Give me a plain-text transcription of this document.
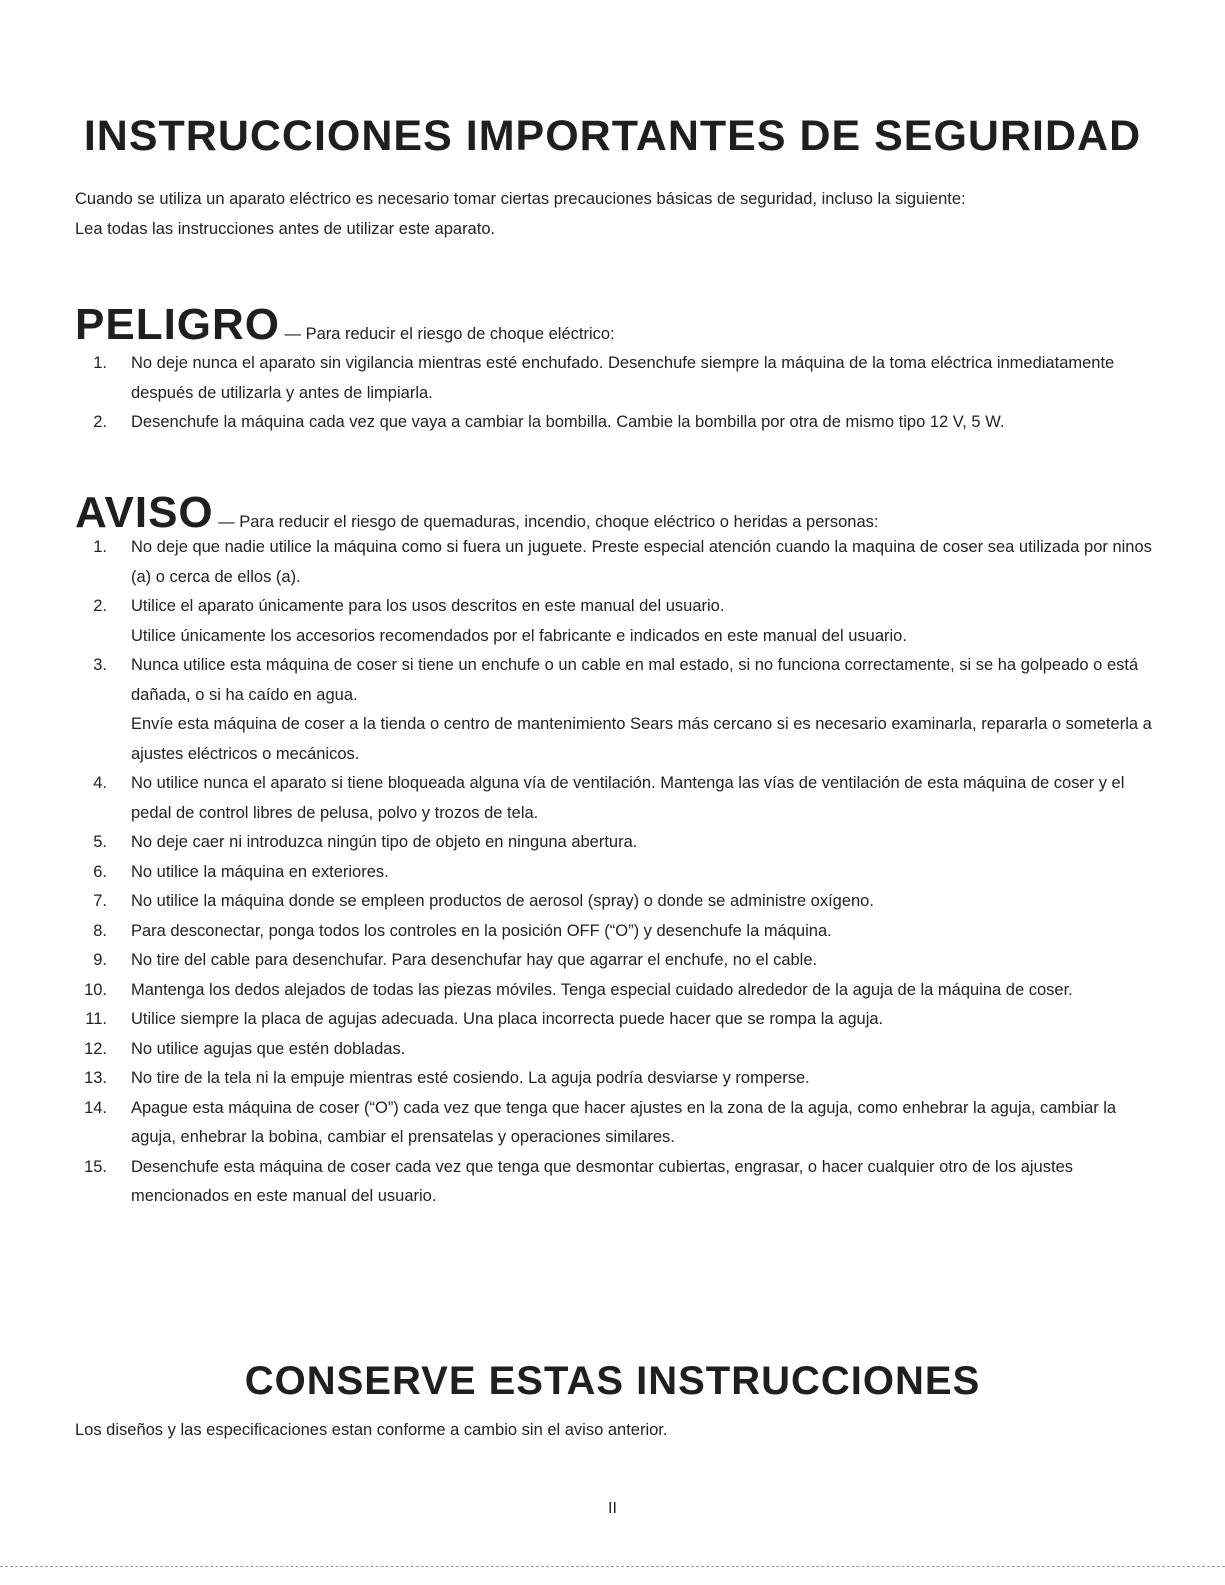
INSTRUCCIONES IMPORTANTES DE SEGURIDAD
Cuando se utiliza un aparato eléctrico es necesario tomar ciertas precauciones básicas de seguridad, incluso la siguiente:
Lea todas las instrucciones antes de utilizar este aparato.
PELIGRO — Para reducir el riesgo de choque eléctrico:
1. No deje nunca el aparato sin vigilancia mientras esté enchufado. Desenchufe siempre la máquina de la toma eléctrica inmediatamente después de utilizarla y antes de limpiarla.
2. Desenchufe la máquina cada vez que vaya a cambiar la bombilla. Cambie la bombilla por otra de mismo tipo 12 V, 5 W.
AVISO — Para reducir el riesgo de quemaduras, incendio, choque eléctrico o heridas a personas:
1. No deje que nadie utilice la máquina como si fuera un juguete. Preste especial atención cuando la maquina de coser sea utilizada por ninos (a) o cerca de ellos (a).
2. Utilice el aparato únicamente para los usos descritos en este manual del usuario.
Utilice únicamente los accesorios recomendados por el fabricante e indicados en este manual del usuario.
3. Nunca utilice esta máquina de coser si tiene un enchufe o un cable en mal estado, si no funciona correctamente, si se ha golpeado o está dañada, o si ha caído en agua.
Envíe esta máquina de coser a la tienda o centro de mantenimiento Sears más cercano si es necesario examinarla, repararla o someterla a ajustes eléctricos o mecánicos.
4. No utilice nunca el aparato si tiene bloqueada alguna vía de ventilación. Mantenga las vías de ventilación de esta máquina de coser y el pedal de control libres de pelusa, polvo y trozos de tela.
5. No deje caer ni introduzca ningún tipo de objeto en ninguna abertura.
6. No utilice la máquina en exteriores.
7. No utilice la máquina donde se empleen productos de aerosol (spray) o donde se administre oxígeno.
8. Para desconectar, ponga todos los controles en la posición OFF (“O”) y desenchufe la máquina.
9. No tire del cable para desenchufar. Para desenchufar hay que agarrar el enchufe, no el cable.
10. Mantenga los dedos alejados de todas las piezas móviles. Tenga especial cuidado alrededor de la aguja de la máquina de coser.
11. Utilice siempre la placa de agujas adecuada. Una placa incorrecta puede hacer que se rompa la aguja.
12. No utilice agujas que estén dobladas.
13. No tire de la tela ni la empuje mientras esté cosiendo. La aguja podría desviarse y romperse.
14. Apague esta máquina de coser (“O”) cada vez que tenga que hacer ajustes en la zona de la aguja, como enhebrar la aguja, cambiar la aguja, enhebrar la bobina, cambiar el prensatelas y operaciones similares.
15. Desenchufe esta máquina de coser cada vez que tenga que desmontar cubiertas, engrasar, o hacer cualquier otro de los ajustes mencionados en este manual del usuario.
CONSERVE ESTAS INSTRUCCIONES
Los diseños y las especificaciones estan conforme a cambio sin el aviso anterior.
II
